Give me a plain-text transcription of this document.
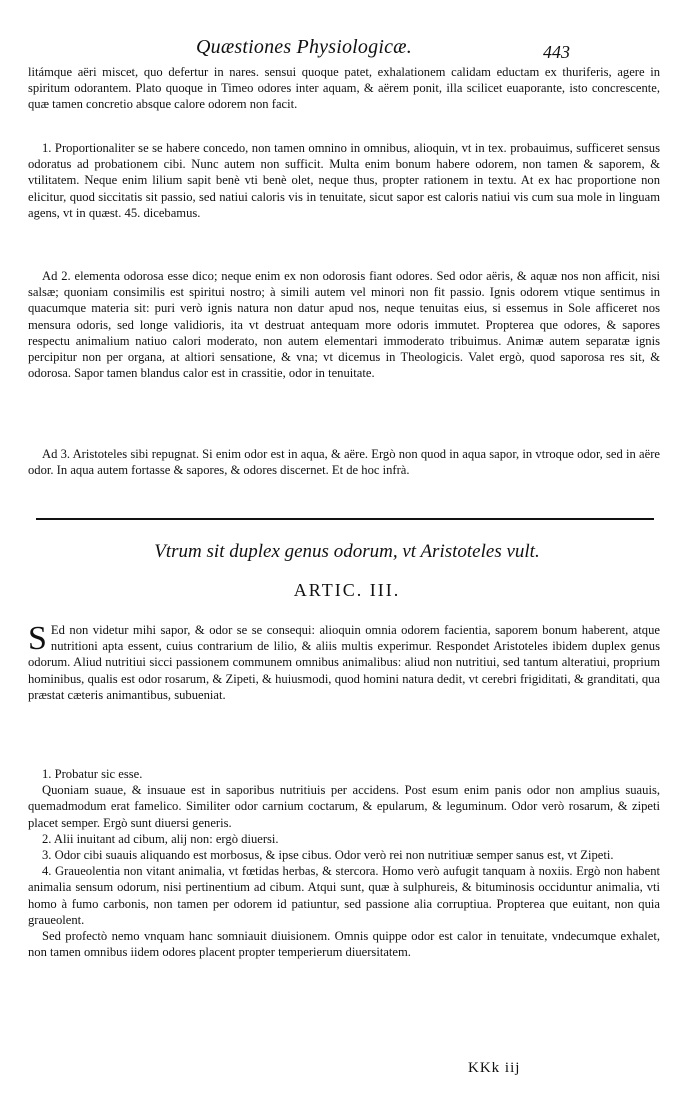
Quæstiones Physiologicæ.	443

litámque aëri miscet, quo defertur in nares. sensui quoque patet, exhalationem calidam eductam ex thuriferis, agere in spiritum odorantem. Plato quoque in Timeo odores inter aquam, & aërem ponit, illa scilicet euaporante, isto concrescente, quæ tamen concretio absque calore odorem non facit.

1. Proportionaliter se se habere concedo, non tamen omnino in omnibus, alioquin, vt in tex. probauimus, sufficeret sensus odoratus ad probationem cibi. Nunc autem non sufficit. Multa enim bonum habere odorem, non tamen & saporem, & vtilitatem. Neque enim lilium sapit benè vti benè olet, neque thus, propter rationem in textu. At ex hac proportione non elicitur, quod siccitatis sit passio, sed natiui caloris vis in tenuitate, sicut sapor est caloris natiui vis cum sua mole in linguam agens, vt in quæst. 45. dicebamus.

Ad 2. elementa odorosa esse dico; neque enim ex non odorosis fiant odores. Sed odor aëris, & aquæ nos non afficit, nisi salsæ; quoniam consimilis est spiritui nostro; à simili autem vel minori non fit passio. Ignis odorem vtique sentimus in quacumque materia sit: puri verò ignis natura non datur apud nos, neque tenuitas eius, si essemus in Sole afficeret nos mensura odoris, sed longe validioris, ita vt destruat antequam more odoris immutet. Propterea que odores, & sapores respectu animalium natiuo calori moderato, non autem elementari immoderato tribuimus. Animæ autem separatæ ignis percipitur non per organa, at altiori sensatione, & vna; vt dicemus in Theologicis. Valet ergò, quod saporosa res sit, & odorosa. Sapor tamen blandus calor est in crassitie, odor in tenuitate.

Ad 3. Aristoteles sibi repugnat. Si enim odor est in aqua, & aëre. Ergò non quod in aqua sapor, in vtroque odor, sed in aëre odor. In aqua autem fortasse & sapores, & odores discernet. Et de hoc infrà.

Vtrum sit duplex genus odorum, vt Aristoteles vult.
ARTIC. III.

S Ed non videtur mihi sapor, & odor se se consequi: alioquin omnia odorem facientia, saporem bonum haberent, atque nutritioni apta essent, cuius contrarium de lilio, & aliis multis experimur. Respondet Aristoteles ibidem duplex genus odorum. Aliud nutritiui sicci passionem communem omnibus animalibus: aliud non nutritiui, sed tantum alteratiui, proprium hominibus, qualis est odor rosarum, & Zipeti, & huiusmodi, quod homini natura dedit, vt cerebri frigiditati, & granditati, qua præstat cæteris animantibus, subueniat.

1. Probatur sic esse.

Quoniam suaue, & insuaue est in saporibus nutritiuis per accidens. Post esum enim panis odor non amplius suauis, quemadmodum erat famelico. Similiter odor carnium coctarum, & epularum, & leguminum. Odor verò rosarum, & zipeti placet semper. Ergò sunt diuersi generis.

2. Alii inuitant ad cibum, alij non: ergò diuersi.

3. Odor cibi suauis aliquando est morbosus, & ipse cibus. Odor verò rei non nutritiuæ semper sanus est, vt Zipeti.

4. Graueolentia non vitant animalia, vt fœtidas herbas, & stercora. Homo verò aufugit tanquam à noxiis. Ergò non habent animalia sensum odorum, nisi pertinentium ad cibum. Atqui sunt, quæ à sulphureis, & bituminosis occiduntur animalia, vti homo à fumo carbonis, non tamen per odorem id patiuntur, sed passione alia corruptiua. Propterea que euitant, non quia graueolent.

Sed profectò nemo vnquam hanc somniauit diuisionem. Omnis quippe odor est calor in tenuitate, vndecumque exhalet, non tamen omnibus iidem odores placent propter temperierum diuersitatem.

KKk iij
